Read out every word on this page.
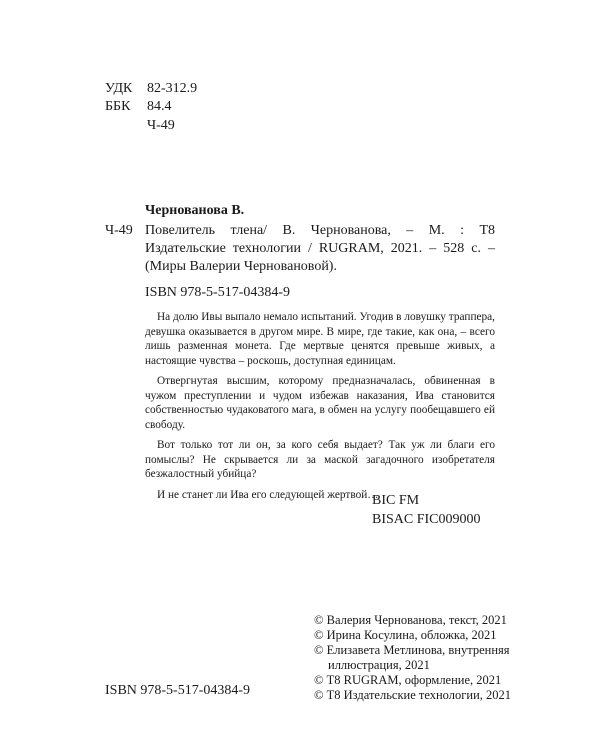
УДК 82-312.9
ББК 84.4
Ч-49
Чернованова В.
Ч-49 Повелитель тлена/ В. Чернованова, – М. : Т8 Издательские технологии / RUGRAM, 2021. – 528 с. – (Миры Валерии Черновановой).
ISBN 978-5-517-04384-9

На долю Ивы выпало немало испытаний. Угодив в ловушку траппера, девушка оказывается в другом мире. В мире, где такие, как она, – всего лишь разменная монета. Где мертвые ценятся превыше живых, а настоящие чувства – роскошь, доступная единицам.

Отвергнутая высшим, которому предназначалась, обвиненная в чужом преступлении и чудом избежав наказания, Ива становится собственностью чудаковатого мага, в обмен на услугу пообещавшего ей свободу.

Вот только тот ли он, за кого себя выдает? Так уж ли благи его помыслы? Не скрывается ли за маской загадочного изобретателя безжалостный убийца?

И не станет ли Ива его следующей жертвой…

BIC FM
BISAC FIC009000
© Валерия Чернованова, текст, 2021
© Ирина Косулина, обложка, 2021
© Елизавета Метлинова, внутренняя иллюстрация, 2021
© Т8 RUGRAM, оформление, 2021
© Т8 Издательские технологии, 2021
ISBN 978-5-517-04384-9
